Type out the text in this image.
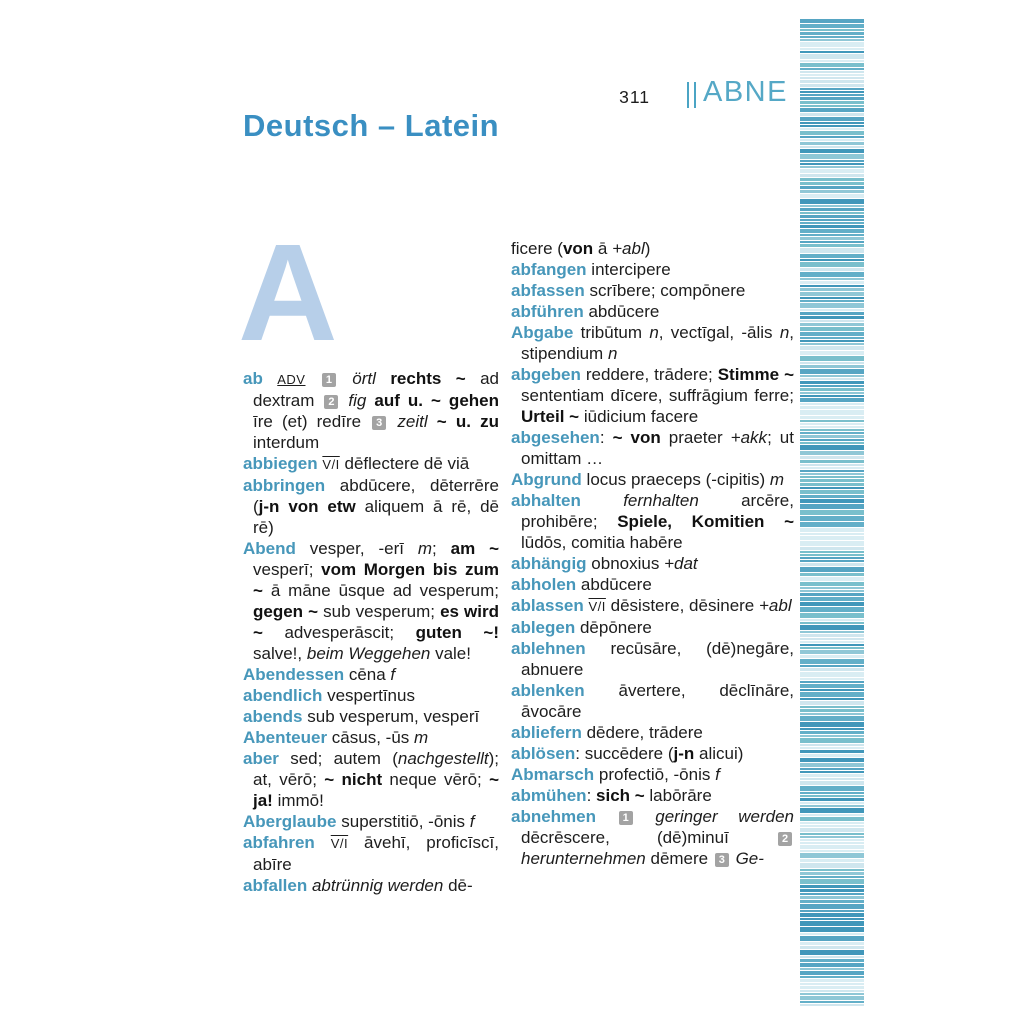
311 ABNE
Deutsch – Latein
A
ab ADV 1 örtl rechts ~ ad dextram 2 fig auf u. ~ gehen īre (et) redīre 3 zeitl ~ u. zu interdum
abbiegen V/I dēflectere dē viā
abbringen abdūcere, dēterrēre (j-n von etw aliquem ā rē, dē rē)
Abend vesper, -erī m; am ~ vesperī; vom Morgen bis zum ~ ā māne ūsque ad vesperum; gegen ~ sub vesperum; es wird ~ advesperāscit; guten ~! salve!, beim Weggehen vale!
Abendessen cēna f
abendlich vespertīnus
abends sub vesperum, vesperī
Abenteuer cāsus, -ūs m
aber sed; autem (nachgestellt); at, vērō; ~ nicht neque vērō; ~ ja! immō!
Aberglaube superstitiō, -ōnis f
abfahren V/I āvehī, proficīscī, abīre
abfallen abtrünnig werden dē-
ficere (von ā +abl)
abfangen intercipere
abfassen scrībere; compōnere
abführen abdūcere
Abgabe tribūtum n, vectīgal, -ālis n, stipendium n
abgeben reddere, trādere; Stimme ~ sententiam dīcere, suffrāgium ferre; Urteil ~ iūdicium facere
abgesehen: ~ von praeter +akk; ut omittam …
Abgrund locus praeceps (-cipitis) m
abhalten fernhalten arcēre, prohibēre; Spiele, Komitien ~ lūdōs, comitia habēre
abhängig obnoxius +dat
abholen abdūcere
ablassen V/I dēsistere, dēsinere +abl
ablegen dēpōnere
ablehnen recūsāre, (dē)negāre, abnuere
ablenken āvertere, dēclīnāre, āvocāre
abliefern dēdere, trādere
ablösen: succēdere (j-n alicui)
Abmarsch profectiō, -ōnis f
abmühen: sich ~ labōrāre
abnehmen 1 geringer werden dēcrēscere, (dē)minuī 2 herunternehmen dēmere 3 Ge-
